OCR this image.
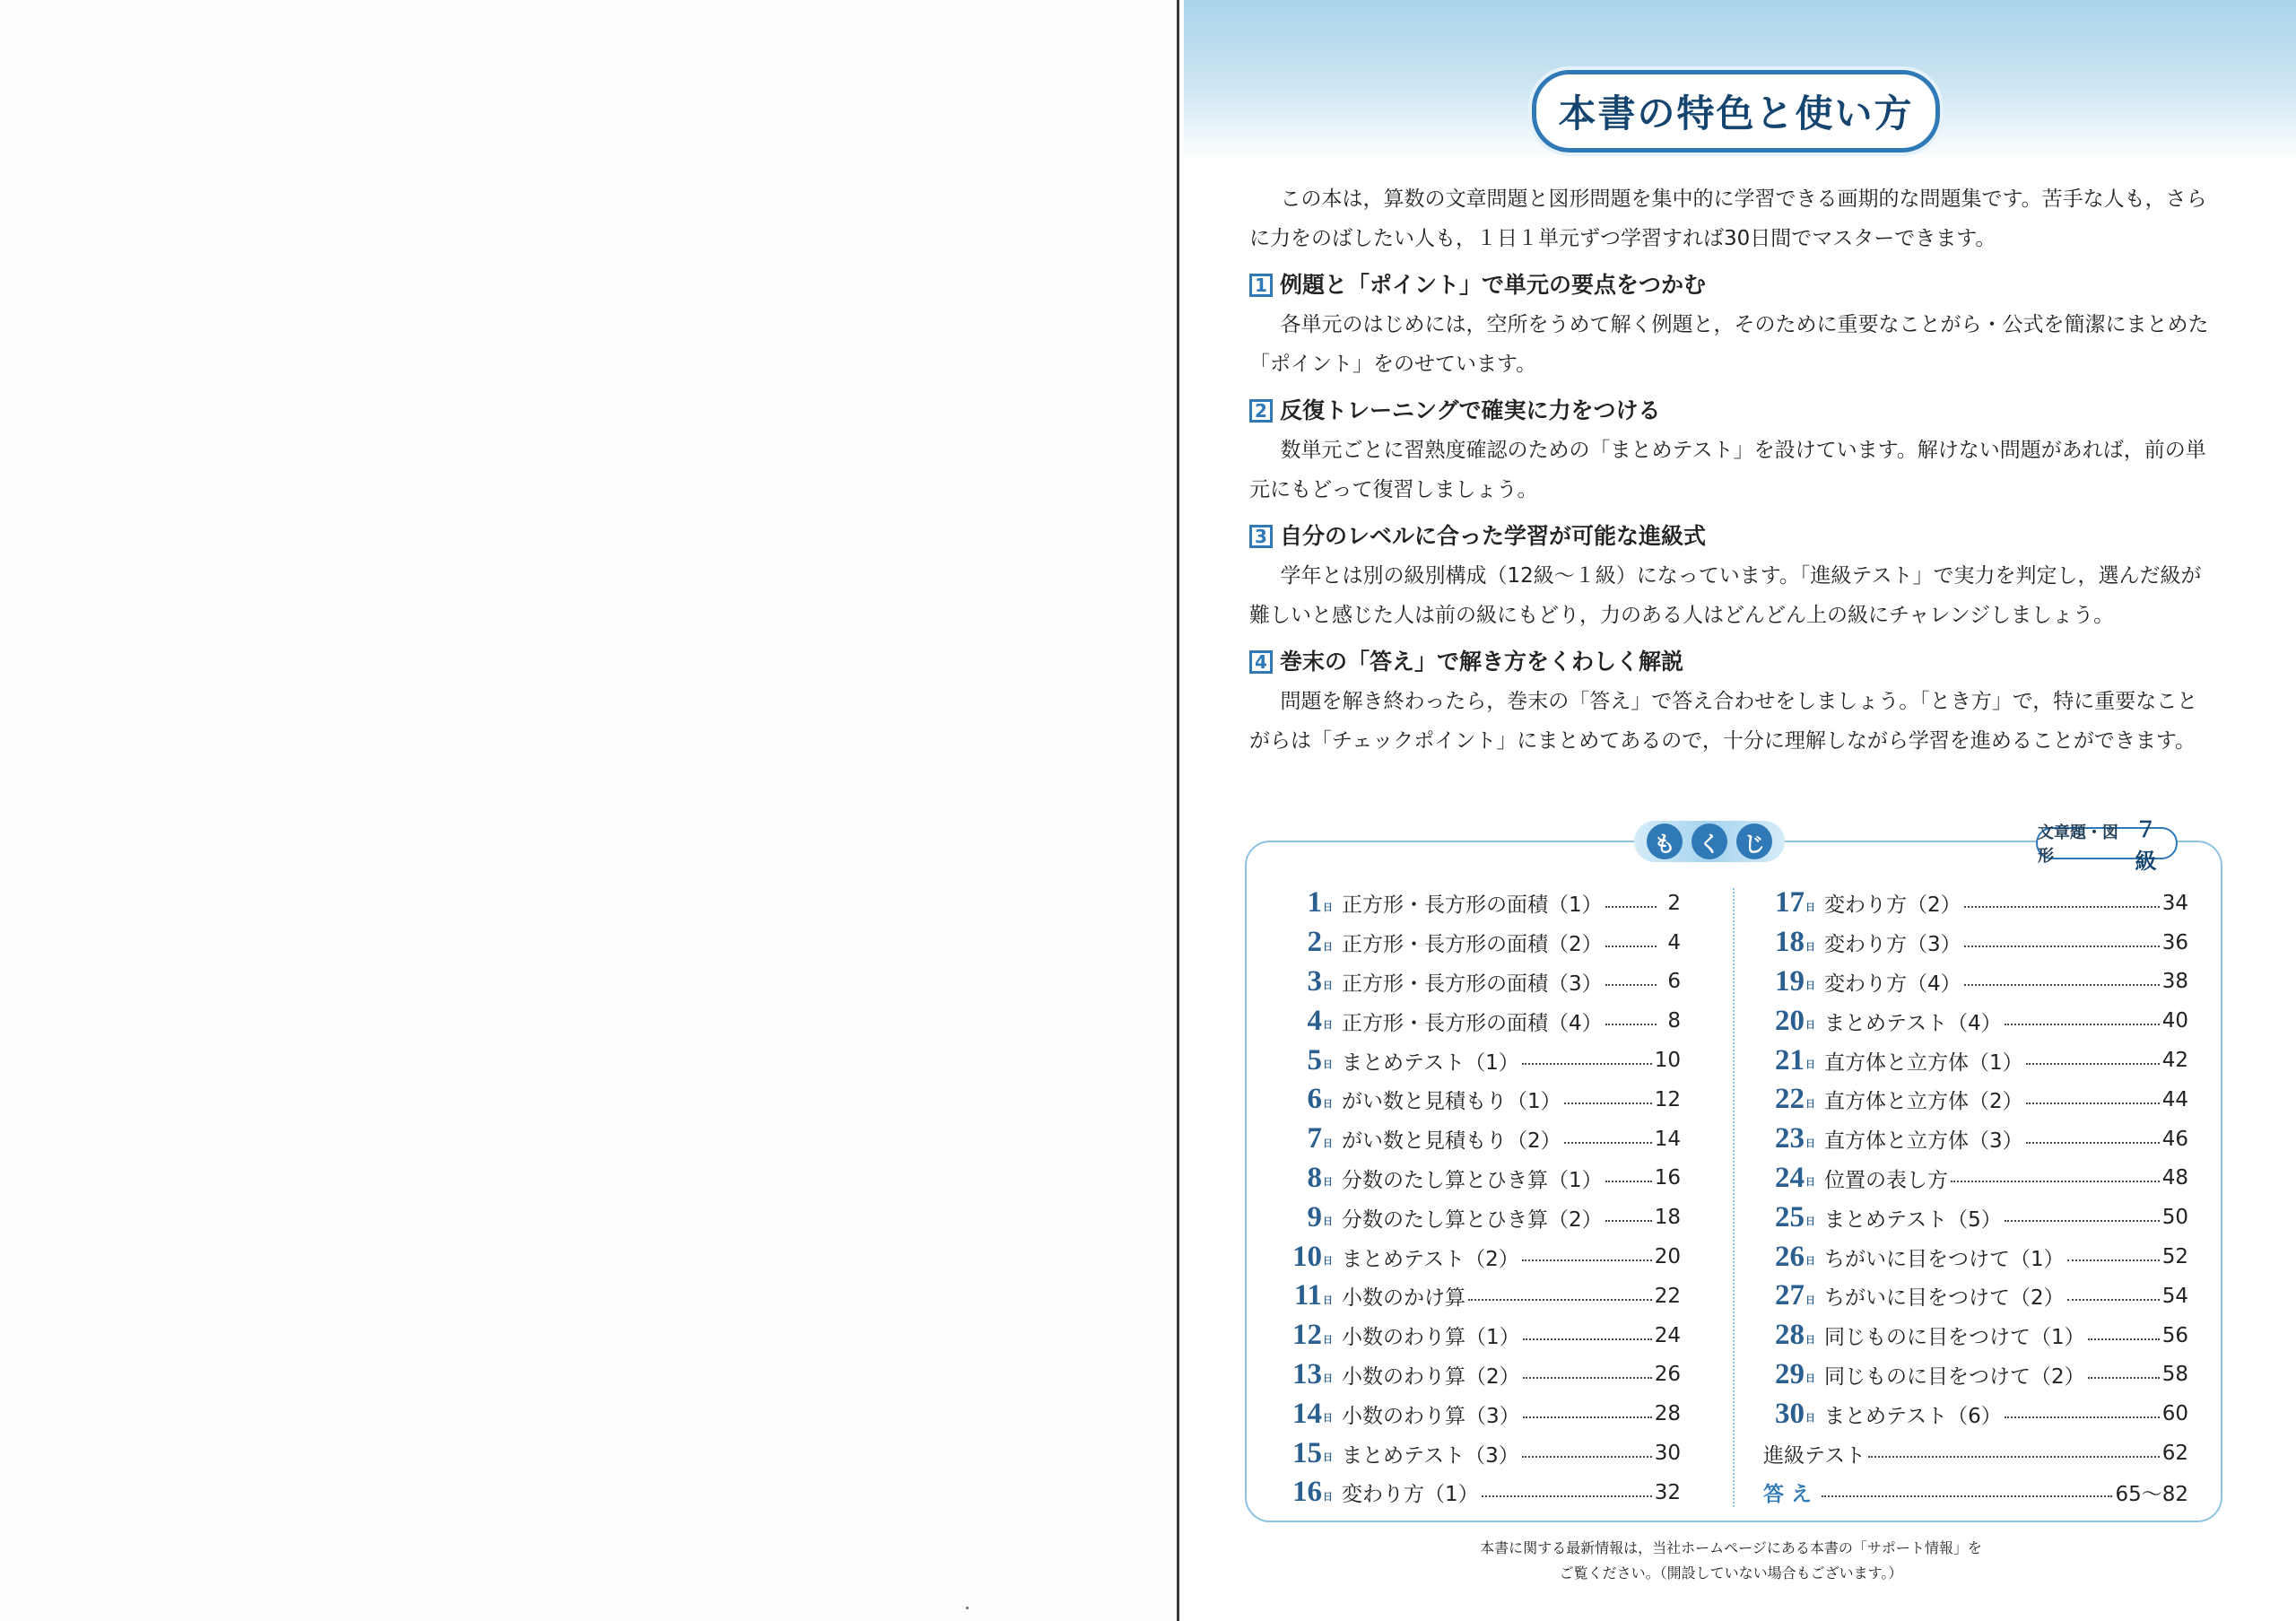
本書の特色と使い方

この本は，算数の文章問題と図形問題を集中的に学習できる画期的な問題集です。苦手な人も，さらに力をのばしたい人も，１日１単元ずつ学習すれば30日間でマスターできます。

1 例題と「ポイント」で単元の要点をつかむ

各単元のはじめには，空所をうめて解く例題と，そのために重要なことがら・公式を簡潔にまとめた「ポイント」をのせています。

2 反復トレーニングで確実に力をつける

数単元ごとに習熟度確認のための「まとめテスト」を設けています。解けない問題があれば，前の単元にもどって復習しましょう。

3 自分のレベルに合った学習が可能な進級式

学年とは別の級別構成（12級～１級）になっています。「進級テスト」で実力を判定し，選んだ級が難しいと感じた人は前の級にもどり，力のある人はどんどん上の級にチャレンジしましょう。

4 巻末の「答え」で解き方をくわしく解説

問題を解き終わったら，巻末の「答え」で答え合わせをしましょう。「とき方」で，特に重要なことがらは「チェックポイント」にまとめてあるので，十分に理解しながら学習を進めることができます。

も	く	じ	文章題・図形
７級
1 日 正方形・長方形の面積（1）	2
2 日 正方形・長方形の面積（2）	4
3 日 正方形・長方形の面積（3）	6
4 日 正方形・長方形の面積（4）	8
5 日 まとめテスト（1）	10
6 日 がい数と見積もり（1）	12
7 日 がい数と見積もり（2）	14
8 日 分数のたし算とひき算（1）	16
9 日 分数のたし算とひき算（2）	18
10 日 まとめテスト（2）	20
11 日 小数のかけ算	22
12 日 小数のわり算（1）	24
13 日 小数のわり算（2）	26
14 日 小数のわり算（3）	28
15 日 まとめテスト（3）	30
16 日 変わり方（1）	32
17 日 変わり方（2）	34
18 日 変わり方（3）	36
19 日 変わり方（4）	38
20 日 まとめテスト（4）	40
21 日 直方体と立方体（1）	42
22 日 直方体と立方体（2）	44
23 日 直方体と立方体（3）	46
24 日 位置の表し方	48
25 日 まとめテスト（5）	50
26 日 ちがいに目をつけて（1）	52
27 日 ちがいに目をつけて（2）	54
28 日 同じものに目をつけて（1）	56
29 日 同じものに目をつけて（2）	58
30 日 まとめテスト（6）	60
進級テスト	62
答え	65～82
本書に関する最新情報は，当社ホームページにある本書の「サポート情報」を
ご覧ください。（開設していない場合もございます。）
